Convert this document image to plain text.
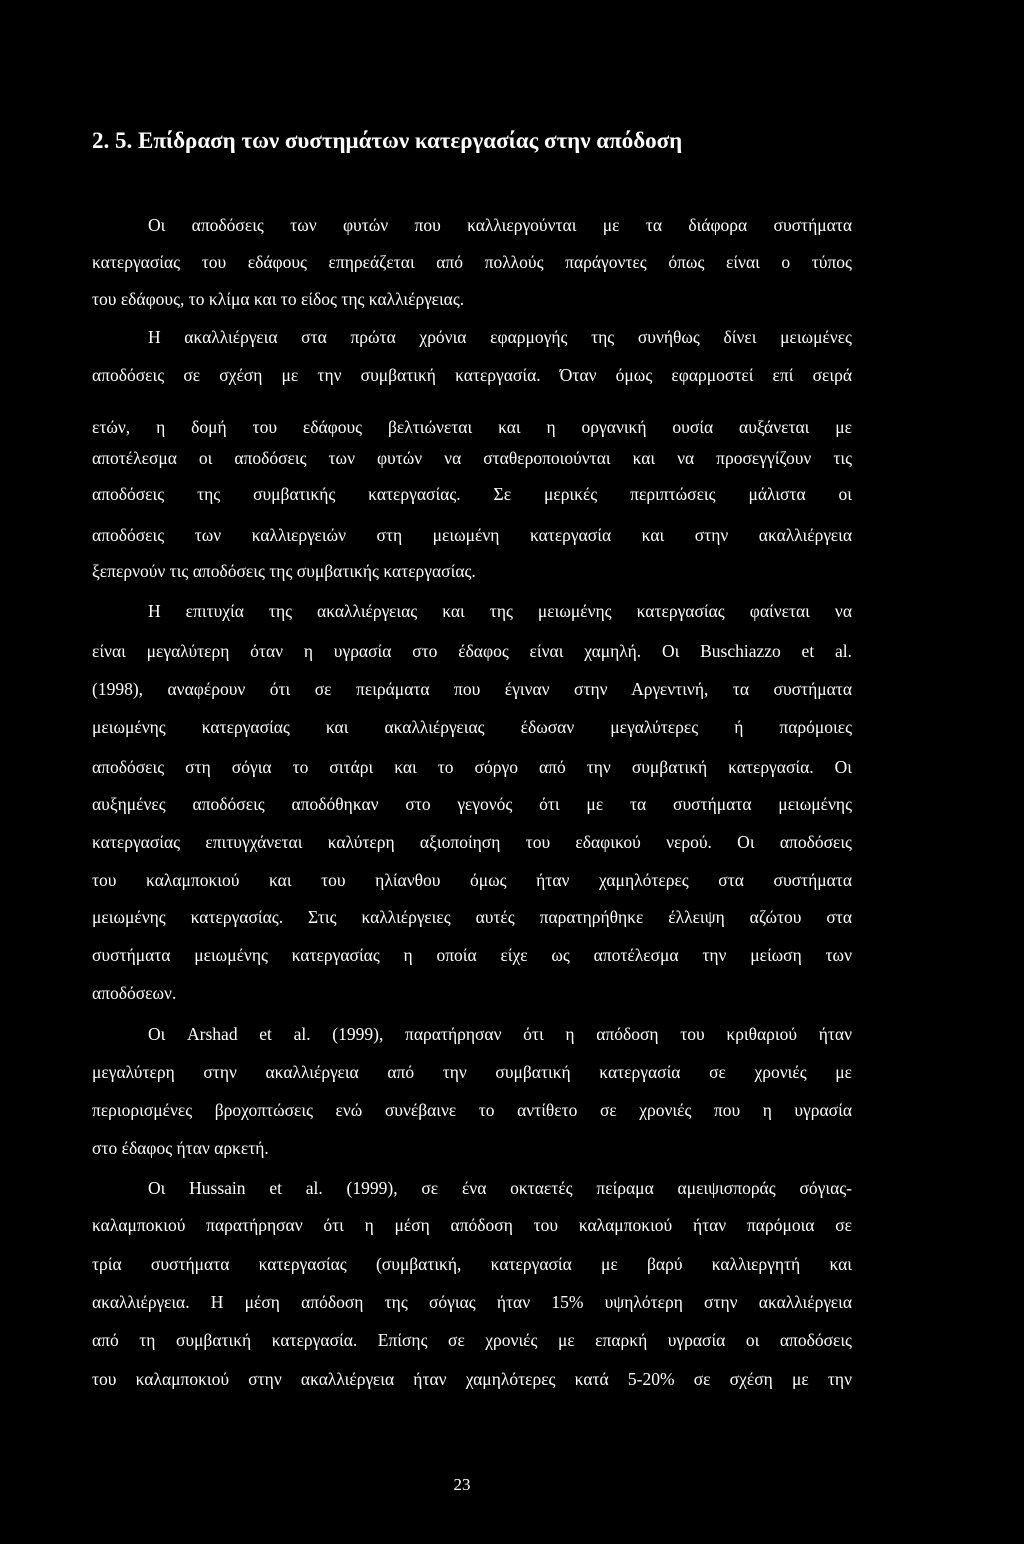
2. 5. Επίδραση των συστημάτων κατεργασίας στην απόδοση
Οι αποδόσεις των φυτών που καλλιεργούνται με τα διάφορα συστήματα
κατεργασίας του εδάφους επηρεάζεται από πολλούς παράγοντες όπως είναι ο τύπος
του εδάφους, το κλίμα και το είδος της καλλιέργειας.
Η ακαλλιέργεια στα πρώτα χρόνια εφαρμογής της συνήθως δίνει μειωμένες
αποδόσεις σε σχέση με την συμβατική κατεργασία. Όταν όμως εφαρμοστεί επί σειρά
ετών, η δομή του εδάφους βελτιώνεται και η οργανική ουσία αυξάνεται με
αποτέλεσμα οι αποδόσεις των φυτών να σταθεροποιούνται και να προσεγγίζουν τις
αποδόσεις της συμβατικής κατεργασίας. Σε μερικές περιπτώσεις μάλιστα οι
αποδόσεις των καλλιεργειών στη μειωμένη κατεργασία και στην ακαλλιέργεια
ξεπερνούν τις αποδόσεις της συμβατικής κατεργασίας.
Η επιτυχία της ακαλλιέργειας και της μειωμένης κατεργασίας φαίνεται να
είναι μεγαλύτερη όταν η υγρασία στο έδαφος είναι χαμηλή. Οι Buschiazzo et al.
(1998), αναφέρουν ότι σε πειράματα που έγιναν στην Αργεντινή, τα συστήματα
μειωμένης κατεργασίας και ακαλλιέργειας έδωσαν μεγαλύτερες ή παρόμοιες
αποδόσεις στη σόγια το σιτάρι και το σόργο από την συμβατική κατεργασία. Οι
αυξημένες αποδόσεις αποδόθηκαν στο γεγονός ότι με τα συστήματα μειωμένης
κατεργασίας επιτυγχάνεται καλύτερη αξιοποίηση του εδαφικού νερού. Οι αποδόσεις
του καλαμποκιού και του ηλίανθου όμως ήταν χαμηλότερες στα συστήματα
μειωμένης κατεργασίας. Στις καλλιέργειες αυτές παρατηρήθηκε έλλειψη αζώτου στα
συστήματα μειωμένης κατεργασίας η οποία είχε ως αποτέλεσμα την μείωση των
αποδόσεων.
Οι Arshad et al. (1999), παρατήρησαν ότι η απόδοση του κριθαριού ήταν
μεγαλύτερη στην ακαλλιέργεια από την συμβατική κατεργασία σε χρονιές με
περιορισμένες βροχοπτώσεις ενώ συνέβαινε το αντίθετο σε χρονιές που η υγρασία
στο έδαφος ήταν αρκετή.
Οι Hussain et al. (1999), σε ένα οκταετές πείραμα αμειψισποράς σόγιας-
καλαμποκιού παρατήρησαν ότι η μέση απόδοση του καλαμποκιού ήταν παρόμοια σε
τρία συστήματα κατεργασίας (συμβατική, κατεργασία με βαρύ καλλιεργητή και
ακαλλιέργεια. Η μέση απόδοση της σόγιας ήταν 15% υψηλότερη στην ακαλλιέργεια
από τη συμβατική κατεργασία. Επίσης σε χρονιές με επαρκή υγρασία οι αποδόσεις
του καλαμποκιού στην ακαλλιέργεια ήταν χαμηλότερες κατά 5-20% σε σχέση με την
23
